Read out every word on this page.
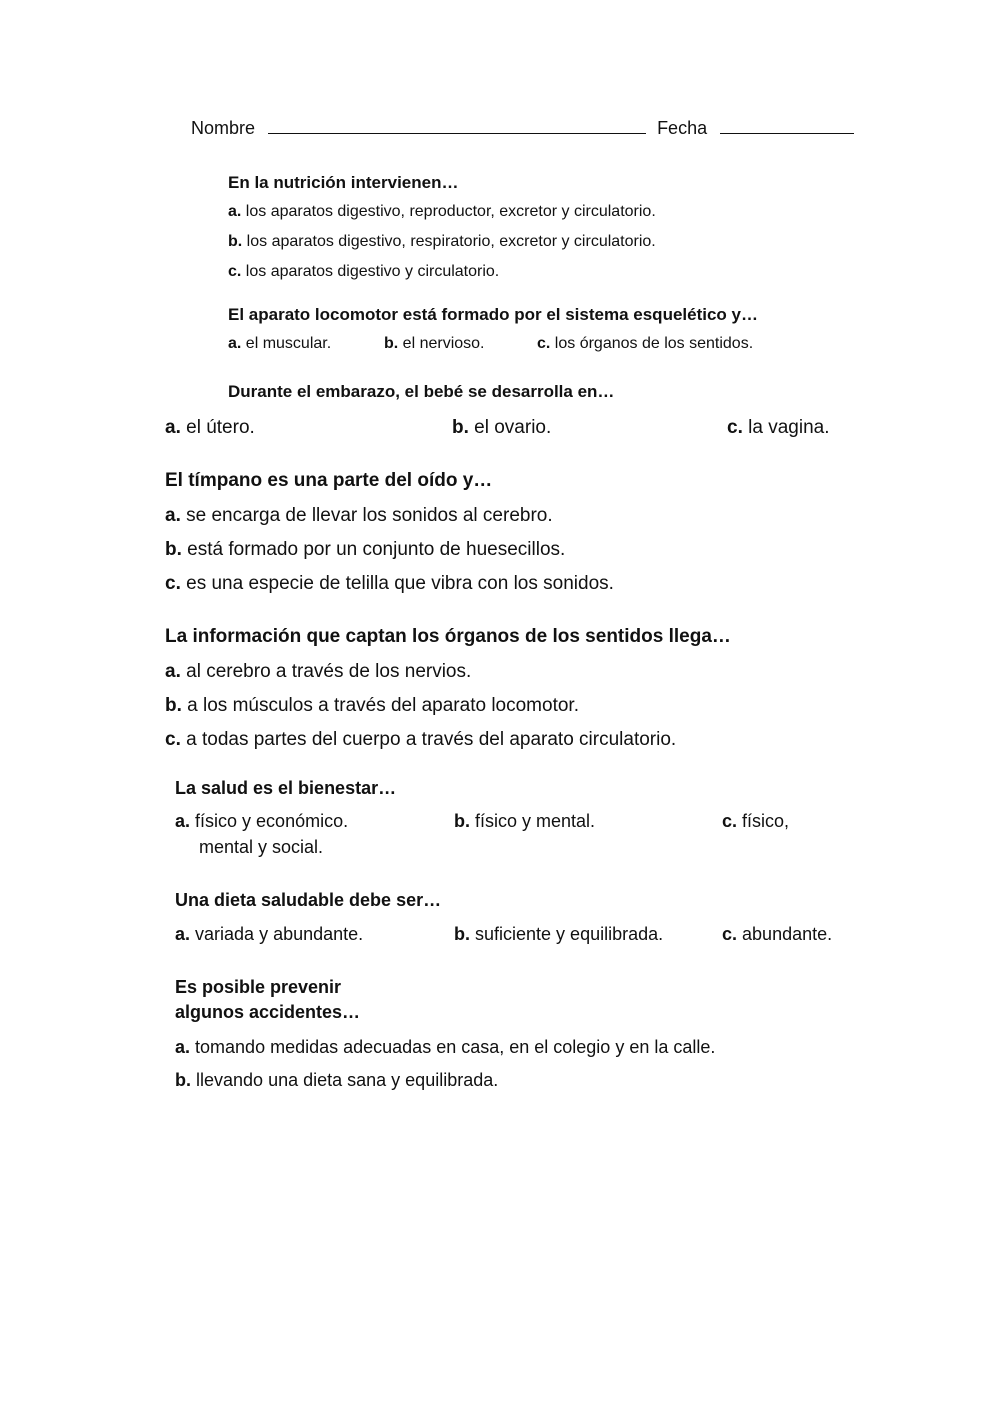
Nombre	Fecha
En la nutrición intervienen…
a. los aparatos digestivo, reproductor, excretor y circulatorio.
b. los aparatos digestivo, respiratorio, excretor y circulatorio.
c. los aparatos digestivo y circulatorio.
El aparato locomotor está formado por el sistema esquelético y…
a. el muscular.	b. el nervioso.	c. los órganos de los sentidos.
Durante el embarazo, el bebé se desarrolla en…
a. el útero.	b. el ovario.	c. la vagina.
El tímpano es una parte del oído y…
a. se encarga de llevar los sonidos al cerebro.
b. está formado por un conjunto de huesecillos.
c. es una especie de telilla que vibra con los sonidos.
La información que captan los órganos de los sentidos llega…
a. al cerebro a través de los nervios.
b. a los músculos a través del aparato locomotor.
c. a todas partes del cuerpo a través del aparato circulatorio.
La salud es el bienestar…
a. físico y económico.	b. físico y mental.	c. físico,
mental y social.
Una dieta saludable debe ser…
a. variada y abundante.	b. suficiente y equilibrada.	c. abundante.
Es posible prevenir
algunos accidentes…
a. tomando medidas adecuadas en casa, en el colegio y en la calle.
b. llevando una dieta sana y equilibrada.
